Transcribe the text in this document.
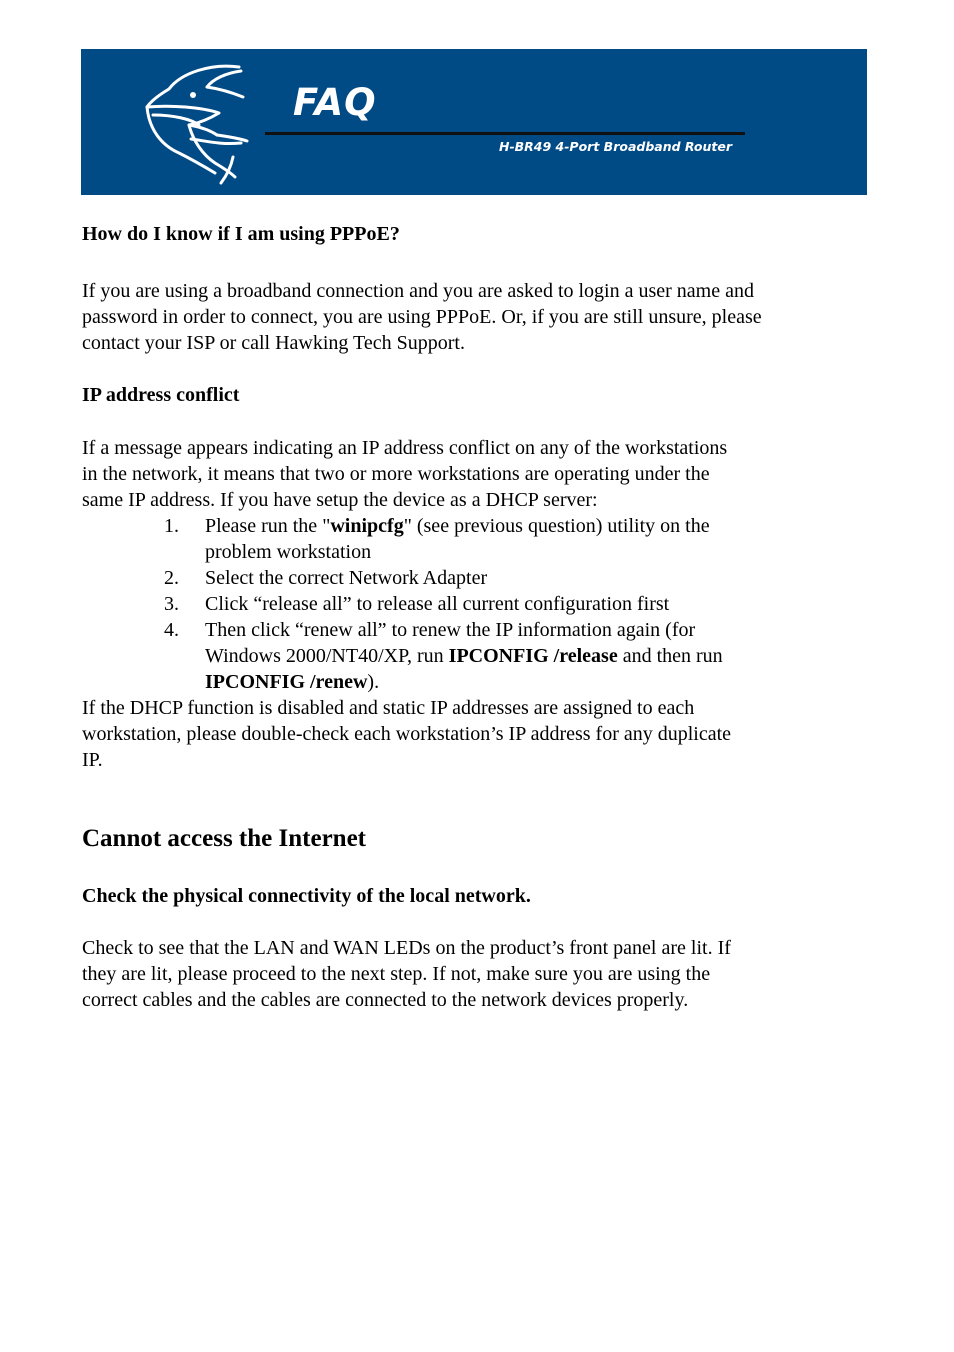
FAQ
H-BR49 4-Port Broadband Router
How do I know if I am using PPPoE?
If you are using a broadband connection and you are asked to login a user name and
password in order to connect, you are using PPPoE. Or, if you are still unsure, please
contact your ISP or call Hawking Tech Support.
IP address conflict
If a message appears indicating an IP address conflict on any of the workstations
in the network, it means that two or more workstations are operating under the
same IP address. If you have setup the device as a DHCP server:
1.	Please run the "winipcfg" (see previous question) utility on the
problem workstation
2.	Select the correct Network Adapter
3.	Click “release all” to release all current configuration first
4.	Then click “renew all” to renew the IP information again (for
Windows 2000/NT40/XP, run IPCONFIG /release and then run
IPCONFIG /renew).
If the DHCP function is disabled and static IP addresses are assigned to each
workstation, please double-check each workstation’s IP address for any duplicate
IP.
Cannot access the Internet
Check the physical connectivity of the local network.
Check to see that the LAN and WAN LEDs on the product’s front panel are lit. If
they are lit, please proceed to the next step. If not, make sure you are using the
correct cables and the cables are connected to the network devices properly.
